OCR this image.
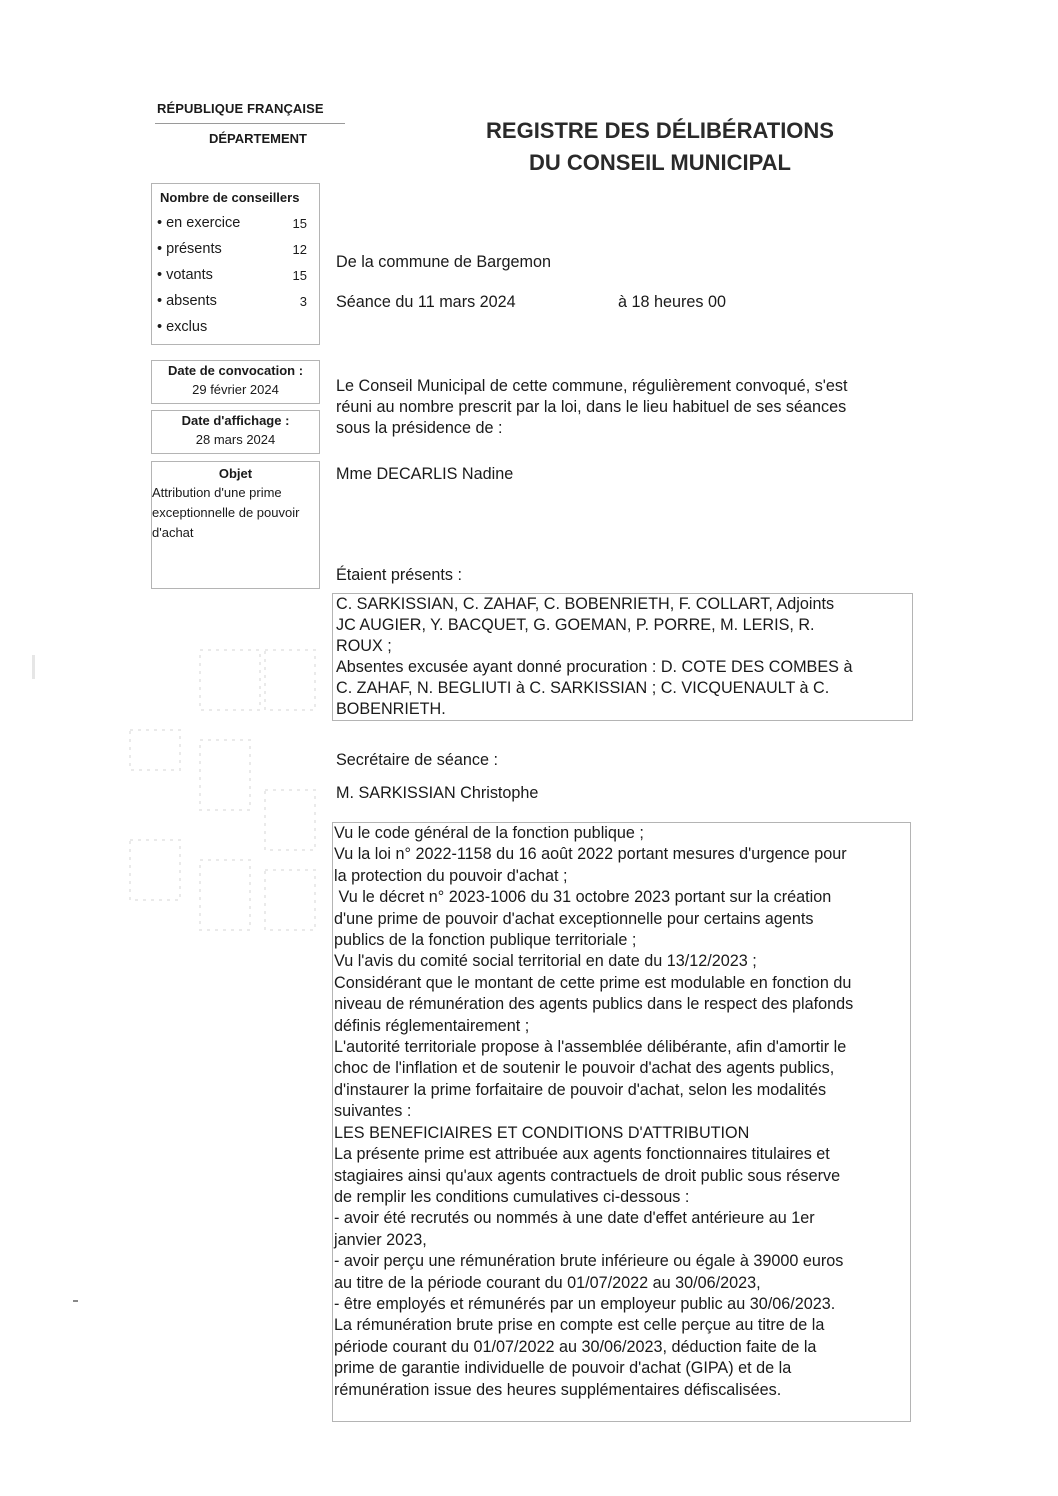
RÉPUBLIQUE FRANÇAISE
DÉPARTEMENT	REGISTRE DES DÉLIBÉRATIONS
DU CONSEIL MUNICIPAL
Nombre de conseillers
• en exercice	15
• présents	12
• votants	15
• absents	3
• exclus
Date de convocation :
29 février 2024
Date d'affichage :
28 mars 2024
Objet
Attribution d'une prime
exceptionnelle de pouvoir
d'achat
De la commune de Bargemon
Séance du 11 mars 2024	à 18 heures 00
Le Conseil Municipal de cette commune, régulièrement convoqué, s'est
réuni au nombre prescrit par la loi, dans le lieu habituel de ses séances
sous la présidence de :
Mme DECARLIS Nadine
Étaient présents :
C. SARKISSIAN, C. ZAHAF, C. BOBENRIETH, F. COLLART, Adjoints
JC AUGIER, Y. BACQUET, G. GOEMAN, P. PORRE, M. LERIS, R.
ROUX ;
Absentes excusée ayant donné procuration : D. COTE DES COMBES à
C. ZAHAF, N. BEGLIUTI à C. SARKISSIAN ; C. VICQUENAULT à C.
BOBENRIETH.
Secrétaire de séance :
M. SARKISSIAN Christophe
Vu le code général de la fonction publique ;
Vu la loi n° 2022-1158 du 16 août 2022 portant mesures d'urgence pour
la protection du pouvoir d'achat ;
Vu le décret n° 2023-1006 du 31 octobre 2023 portant sur la création
d'une prime de pouvoir d'achat exceptionnelle pour certains agents
publics de la fonction publique territoriale ;
Vu l'avis du comité social territorial en date du 13/12/2023 ;
Considérant que le montant de cette prime est modulable en fonction du
niveau de rémunération des agents publics dans le respect des plafonds
définis réglementairement ;
L'autorité territoriale propose à l'assemblée délibérante, afin d'amortir le
choc de l'inflation et de soutenir le pouvoir d'achat des agents publics,
d'instaurer la prime forfaitaire de pouvoir d'achat, selon les modalités
suivantes :
LES BENEFICIAIRES ET CONDITIONS D'ATTRIBUTION
La présente prime est attribuée aux agents fonctionnaires titulaires et
stagiaires ainsi qu'aux agents contractuels de droit public sous réserve
de remplir les conditions cumulatives ci-dessous :
- avoir été recrutés ou nommés à une date d'effet antérieure au 1er
janvier 2023,
- avoir perçu une rémunération brute inférieure ou égale à 39000 euros
au titre de la période courant du 01/07/2022 au 30/06/2023,
- être employés et rémunérés par un employeur public au 30/06/2023.
La rémunération brute prise en compte est celle perçue au titre de la
période courant du 01/07/2022 au 30/06/2023, déduction faite de la
prime de garantie individuelle de pouvoir d'achat (GIPA) et de la
rémunération issue des heures supplémentaires défiscalisées.
